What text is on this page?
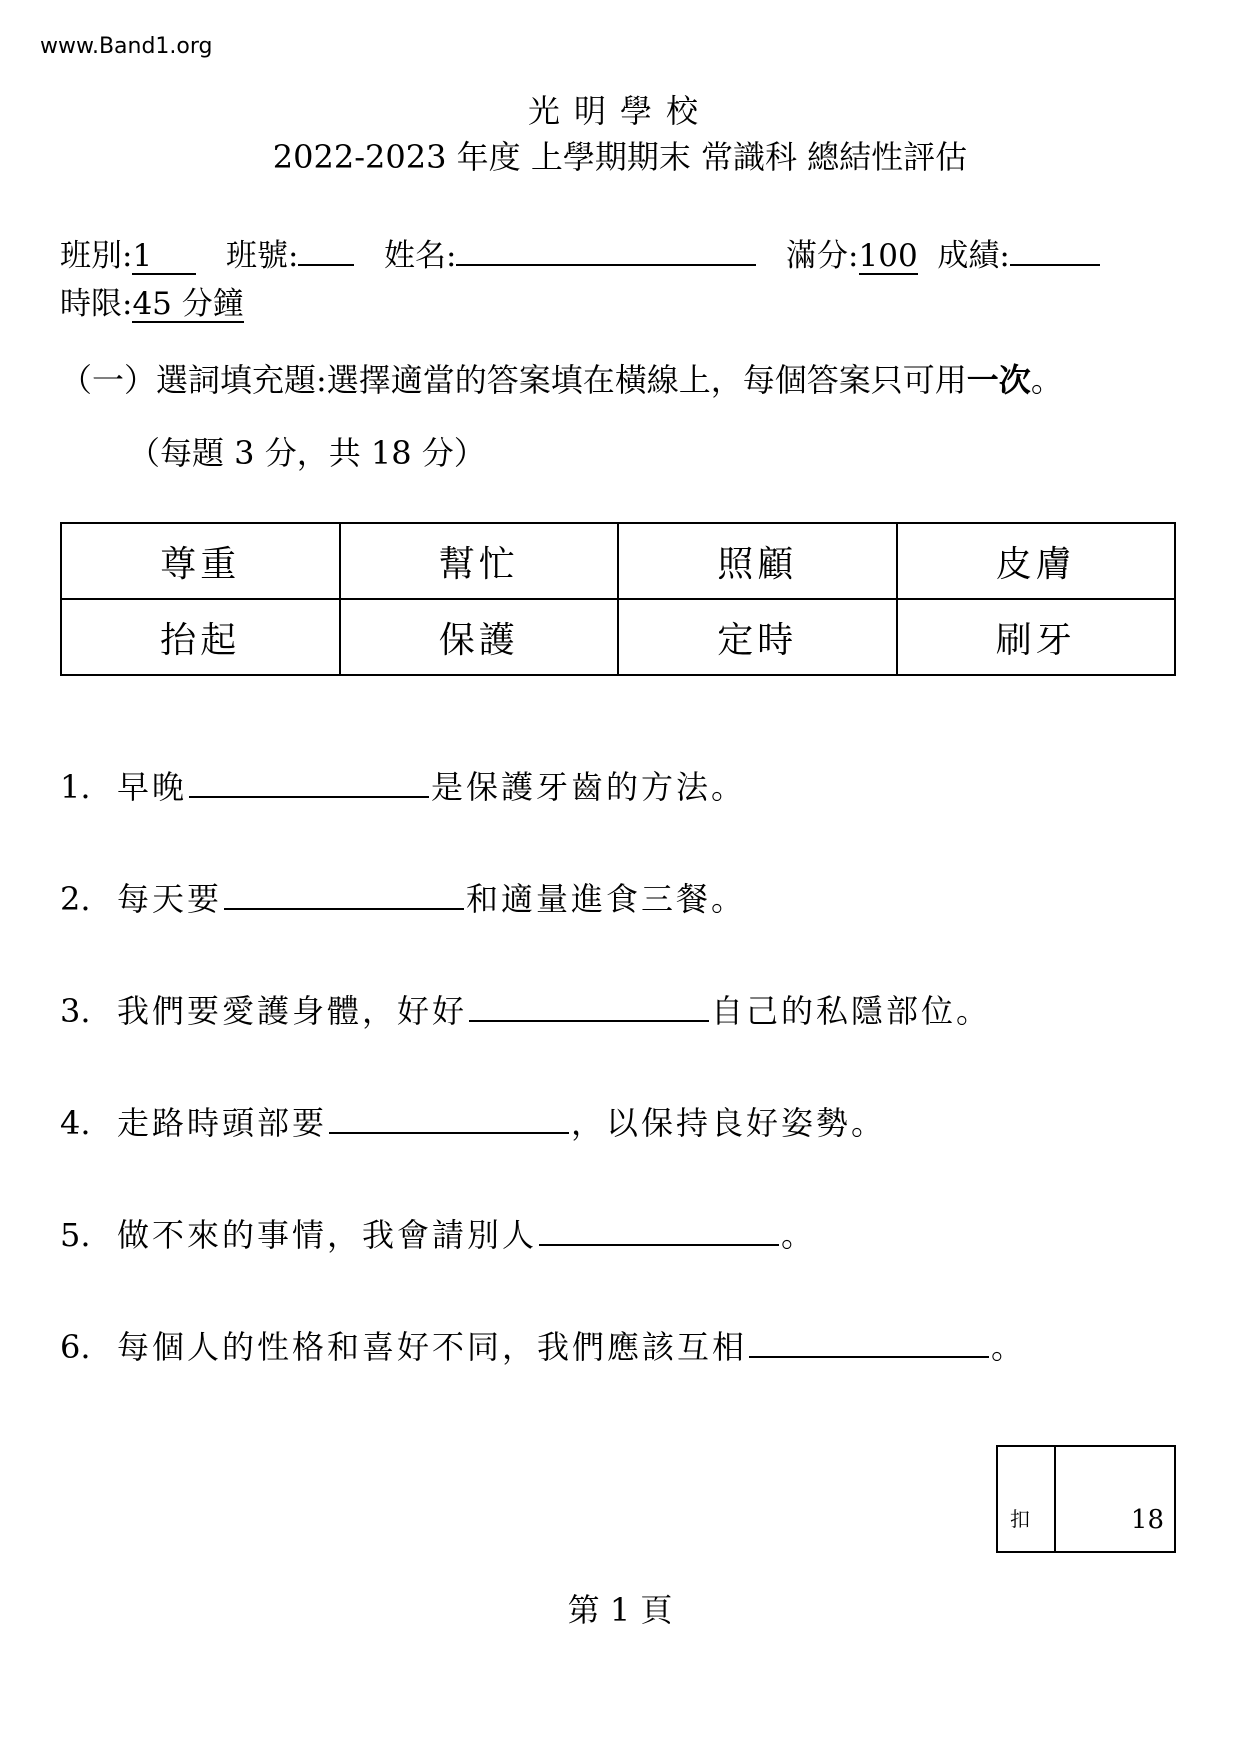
www.Band1.org
光明學校
2022-2023 年度 上學期期末 常識科 總結性評估
班別:1 班號:	姓名:	滿分:100 成績:
時限:45 分鐘
（一）選詞填充題:選擇適當的答案填在橫線上，每個答案只可用一次。
（每題 3 分，共 18 分）
尊重	幫忙	照顧	皮膚
抬起	保護	定時	刷牙
1. 早晚	是保護牙齒的方法。
2. 每天要	和適量進食三餐。
3. 我們要愛護身體，好好	自己的私隱部位。
4. 走路時頭部要	，以保持良好姿勢。
5. 做不來的事情，我會請別人	。
6. 每個人的性格和喜好不同，我們應該互相	。
扣	18
第 1 頁
